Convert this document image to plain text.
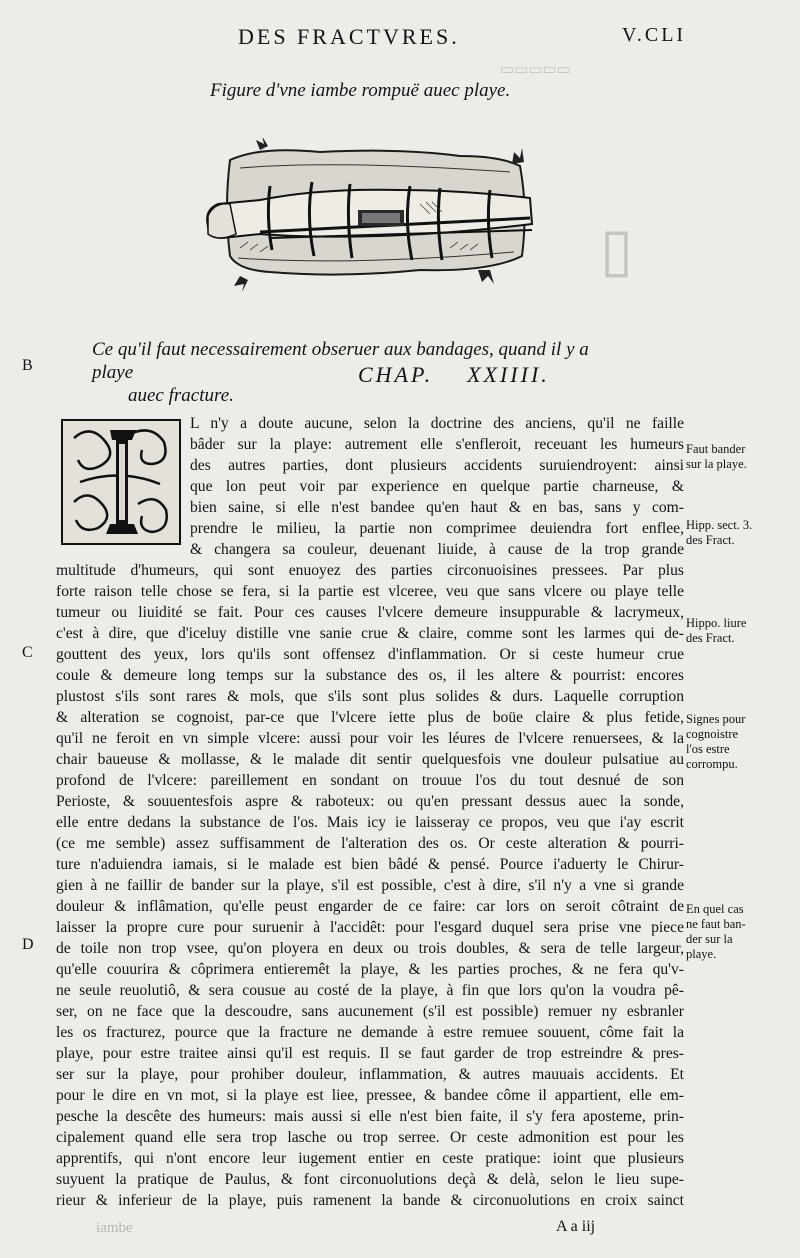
DES FRACTVRES.	V.CLI
▭▭▭▭▭
▯
Figure d'vne iambe rompuë auec playe.
B
C
D
Ce qu'il faut necessairement obseruer aux bandages, quand il y a playe
auec fracture.
CHAP.    XXIIII.
L n'y a doute aucune, selon la doctrine des anciens, qu'il ne faille
bâder sur la playe: autrement elle s'enfleroit, receuant les humeurs
des autres parties, dont plusieurs accidents suruiendroyent: ainsi
que lon peut voir par experience en quelque partie charneuse, &
bien saine, si elle n'est bandee qu'en haut & en bas, sans y com-
prendre le milieu, la partie non comprimee deuiendra fort enflee,
& changera sa couleur, deuenant liuide, à cause de la trop grande
multitude d'humeurs, qui sont enuoyez des parties circonuoisines pressees. Par plus
forte raison telle chose se fera, si la partie est vlceree, veu que sans vlcere ou playe telle
tumeur ou liuidité se fait. Pour ces causes l'vlcere demeure insuppurable & lacrymeux,
c'est à dire, que d'iceluy distille vne sanie crue & claire, comme sont les larmes qui de-
gouttent des yeux, lors qu'ils sont offensez d'inflammation. Or si ceste humeur crue
coule & demeure long temps sur la substance des os, il les altere & pourrist: encores
plustost s'ils sont rares & mols, que s'ils sont plus solides & durs. Laquelle corruption
& alteration se cognoist, par-ce que l'vlcere iette plus de boüe claire & plus fetide,
qu'il ne feroit en vn simple vlcere: aussi pour voir les léures de l'vlcere renuersees, & la
chair baueuse & mollasse, & le malade dit sentir quelquesfois vne douleur pulsatiue au
profond de l'vlcere: pareillement en sondant on trouue l'os du tout desnué de son
Perioste, & souuentesfois aspre & raboteux: ou qu'en pressant dessus auec la sonde,
elle entre dedans la substance de l'os. Mais icy ie laisseray ce propos, veu que i'ay escrit
(ce me semble) assez suffisamment de l'alteration des os. Or ceste alteration & pourri-
ture n'aduiendra iamais, si le malade est bien bâdé & pensé. Pource i'aduerty le Chirur-
gien à ne faillir de bander sur la playe, s'il est possible, c'est à dire, s'il n'y a vne si grande
douleur & inflâmation, qu'elle peust engarder de ce faire: car lors on seroit côtraint de
laisser la propre cure pour suruenir à l'accidêt: pour l'esgard duquel sera prise vne piece
de toile non trop vsee, qu'on ployera en deux ou trois doubles, & sera de telle largeur,
qu'elle couurira & côprimera entieremêt la playe, & les parties proches, & ne fera qu'v-
ne seule reuolutiô, & sera cousue au costé de la playe, à fin que lors qu'on la voudra pê-
ser, on ne face que la descoudre, sans aucunement (s'il est possible) remuer ny esbranler
les os fracturez, pource que la fracture ne demande à estre remuee souuent, côme fait la
playe, pour estre traitee ainsi qu'il est requis. Il se faut garder de trop estreindre & pres-
ser sur la playe, pour prohiber douleur, inflammation, & autres mauuais accidents. Et
pour le dire en vn mot, si la playe est liee, pressee, & bandee côme il appartient, elle em-
pesche la descête des humeurs: mais aussi si elle n'est bien faite, il s'y fera apostеme, prin-
cipalement quand elle sera trop lasche ou trop serree. Or ceste admonition est pour les
apprentifs, qui n'ont encore leur iugement entier en ceste pratique: ioint que plusieurs
suyuent la pratique de Paulus, & font circonuolutions deçà & delà, selon le lieu supe-
rieur & inferieur de la playe, puis ramenent la bande & circonuolutions en croix sainct
Faut bander
sur la playe.
Hipp. sect. 3.
des Fract.
Hippo. liure
des Fract.
Signes pour
cognoistre
l'os estre
corrompu.
En quel cas
ne faut ban-
der sur la
playe.
iambe	A a iij
